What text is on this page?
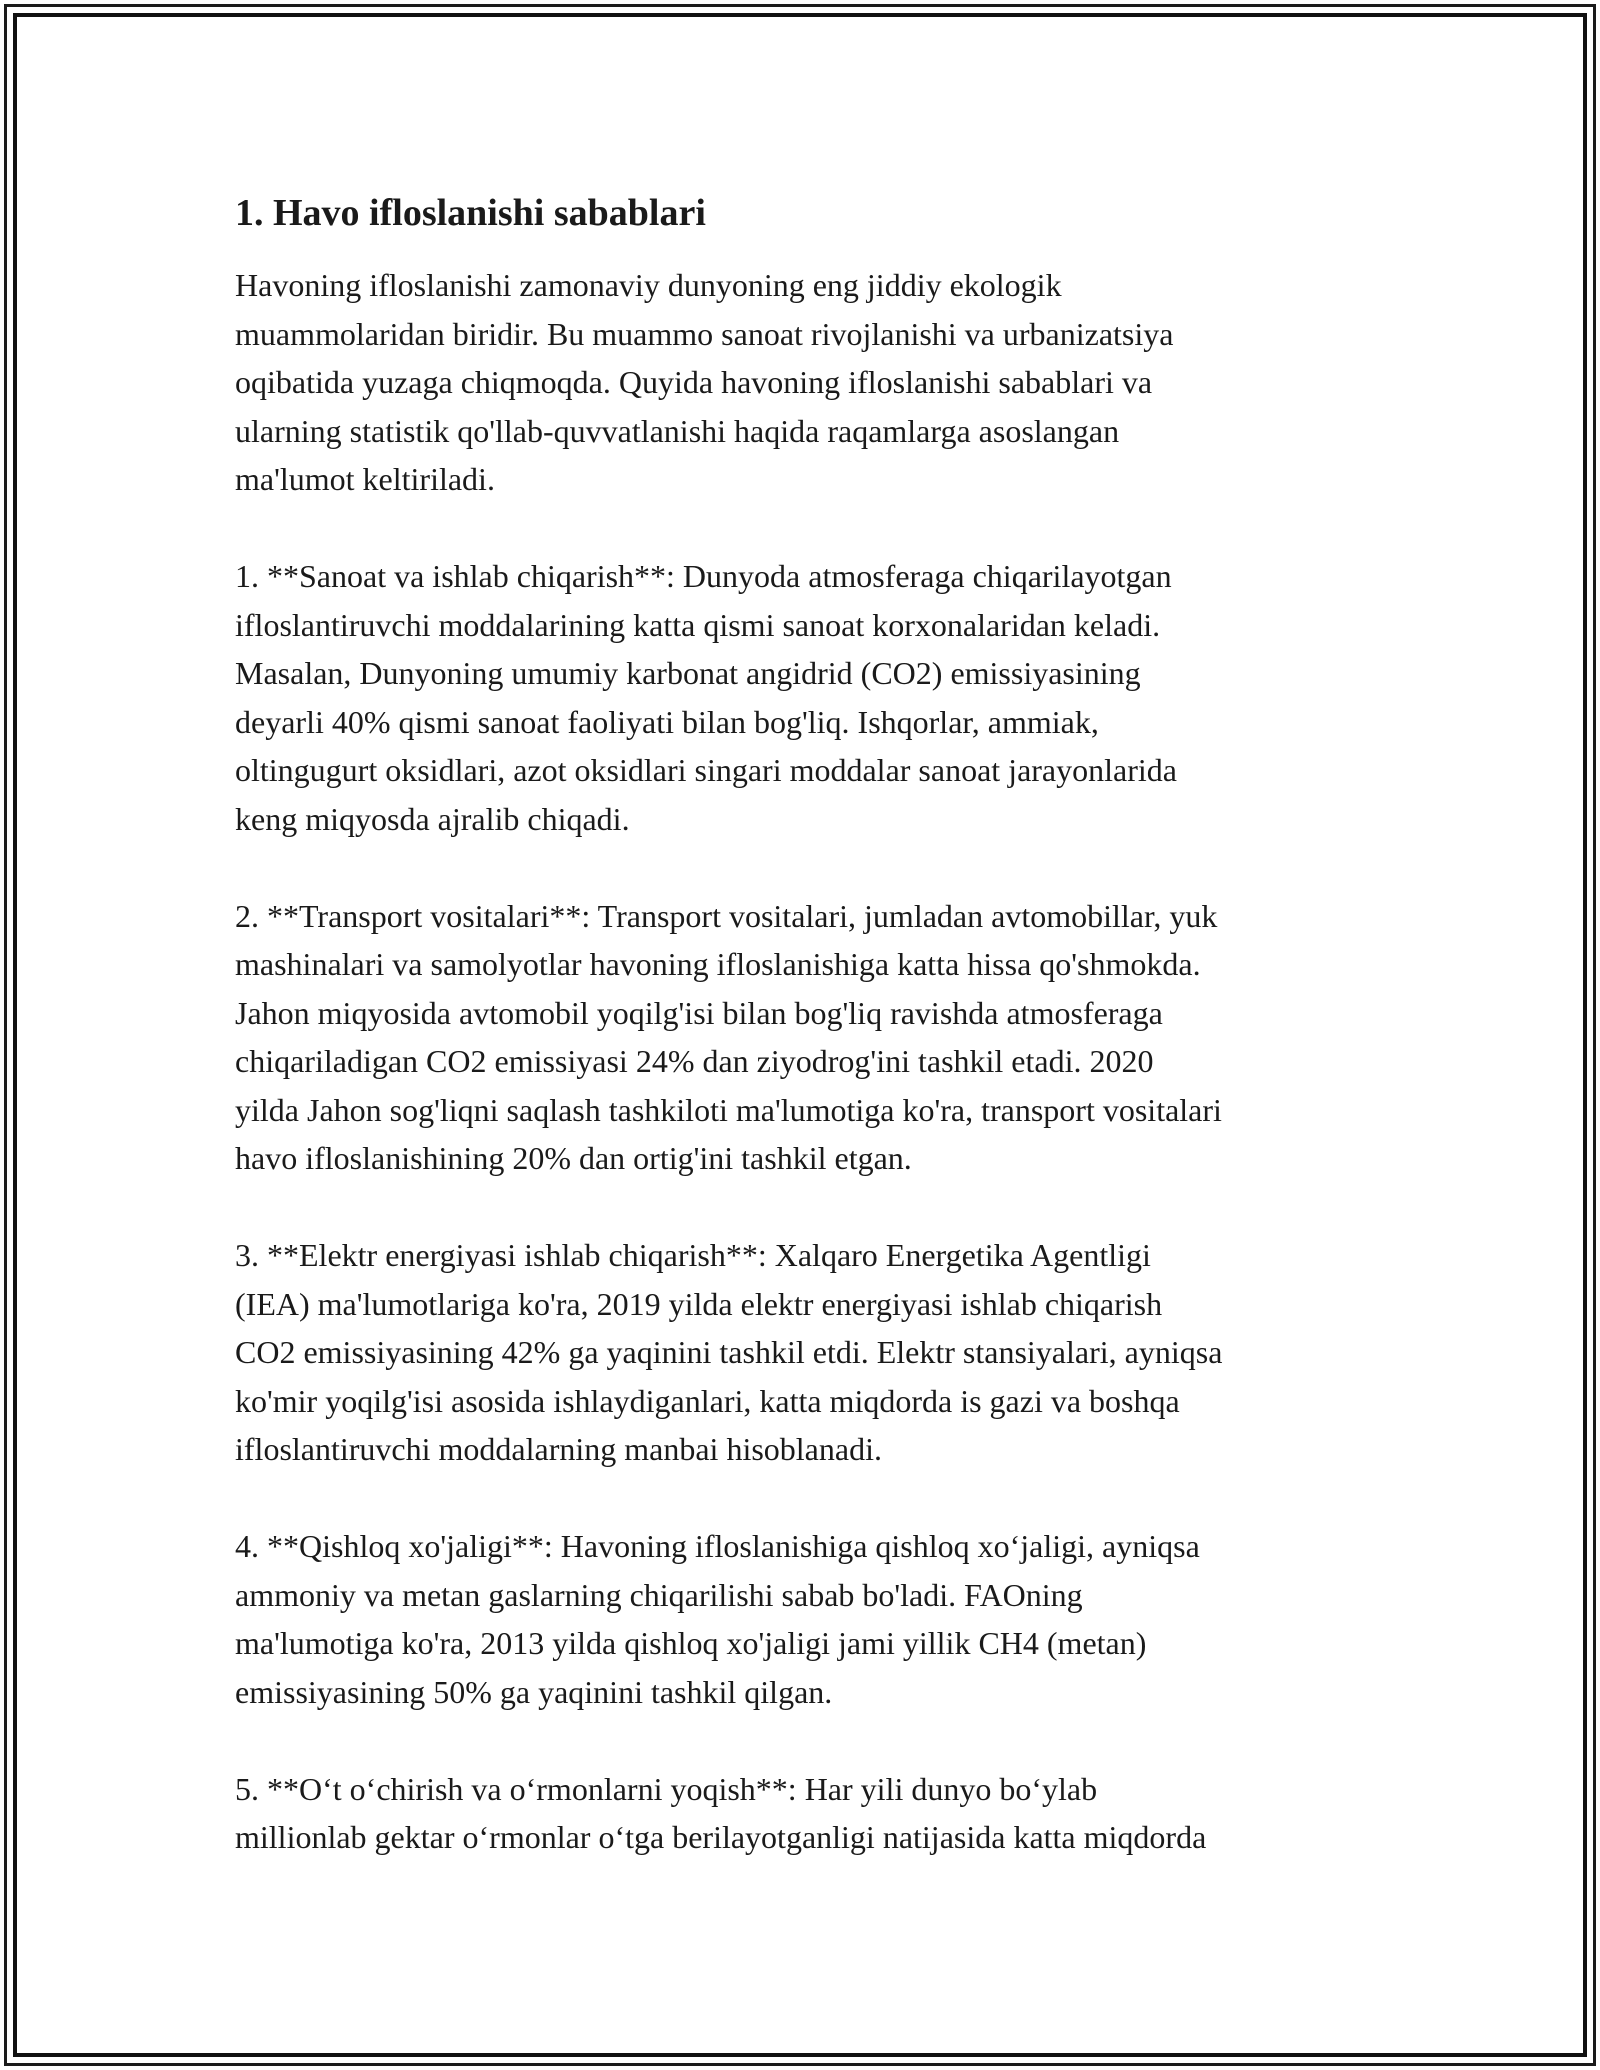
1. Havo ifloslanishi sabablari
Havoning ifloslanishi zamonaviy dunyoning eng jiddiy ekologik
muammolaridan biridir. Bu muammo sanoat rivojlanishi va urbanizatsiya
oqibatida yuzaga chiqmoqda. Quyida havoning ifloslanishi sabablari va
ularning statistik qo'llab-quvvatlanishi haqida raqamlarga asoslangan
ma'lumot keltiriladi.
1. **Sanoat va ishlab chiqarish**: Dunyoda atmosferaga chiqarilayotgan
ifloslantiruvchi moddalarining katta qismi sanoat korxonalaridan keladi.
Masalan, Dunyoning umumiy karbonat angidrid (CO2) emissiyasining
deyarli 40% qismi sanoat faoliyati bilan bog'liq. Ishqorlar, ammiak,
oltingugurt oksidlari, azot oksidlari singari moddalar sanoat jarayonlarida
keng miqyosda ajralib chiqadi.
2. **Transport vositalari**: Transport vositalari, jumladan avtomobillar, yuk
mashinalari va samolyotlar havoning ifloslanishiga katta hissa qo'shmokda.
Jahon miqyosida avtomobil yoqilg'isi bilan bog'liq ravishda atmosferaga
chiqariladigan CO2 emissiyasi 24% dan ziyodrog'ini tashkil etadi. 2020
yilda Jahon sog'liqni saqlash tashkiloti ma'lumotiga ko'ra, transport vositalari
havo ifloslanishining 20% dan ortig'ini tashkil etgan.
3. **Elektr energiyasi ishlab chiqarish**: Xalqaro Energetika Agentligi
(IEA) ma'lumotlariga ko'ra, 2019 yilda elektr energiyasi ishlab chiqarish
CO2 emissiyasining 42% ga yaqinini tashkil etdi. Elektr stansiyalari, ayniqsa
ko'mir yoqilg'isi asosida ishlaydiganlari, katta miqdorda is gazi va boshqa
ifloslantiruvchi moddalarning manbai hisoblanadi.
4. **Qishloq xo'jaligi**: Havoning ifloslanishiga qishloq xo‘jaligi, ayniqsa
ammoniy va metan gaslarning chiqarilishi sabab bo'ladi. FAOning
ma'lumotiga ko'ra, 2013 yilda qishloq xo'jaligi jami yillik CH4 (metan)
emissiyasining 50% ga yaqinini tashkil qilgan.
5. **O‘t o‘chirish va o‘rmonlarni yoqish**: Har yili dunyo bo‘ylab
millionlab gektar o‘rmonlar o‘tga berilayotganligi natijasida katta miqdorda
